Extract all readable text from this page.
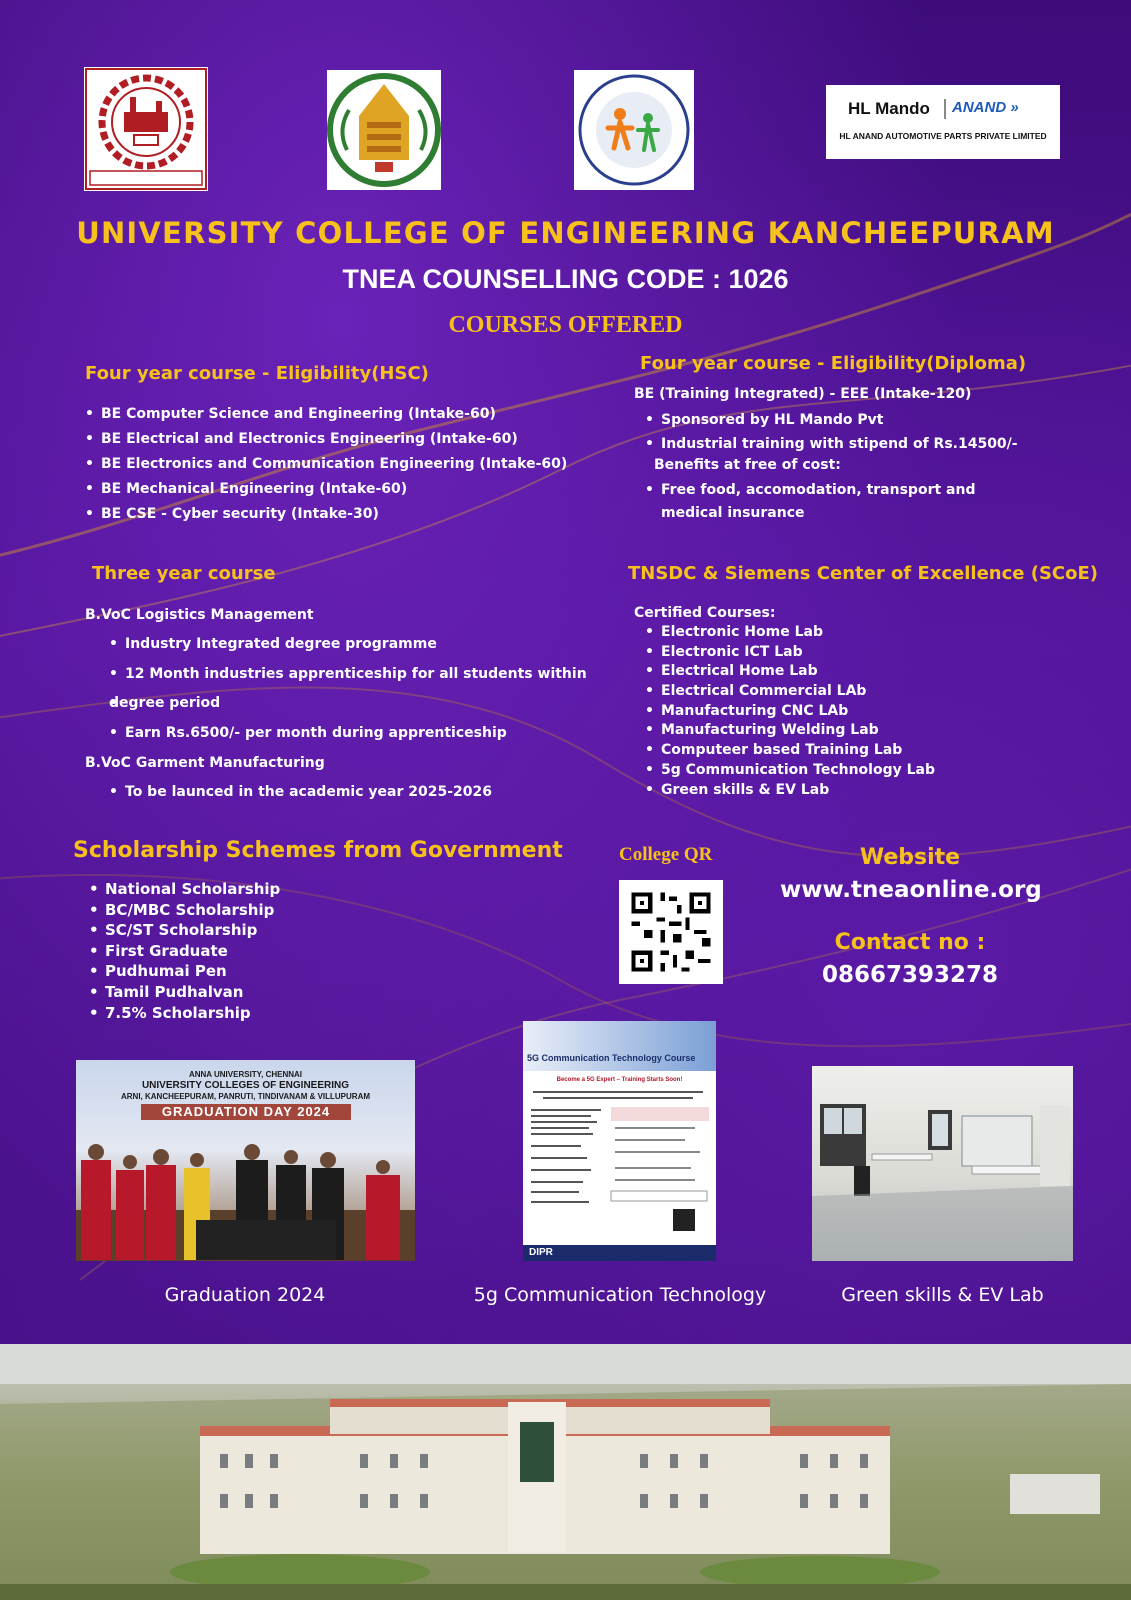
HL Mando ANAND »
HL ANAND AUTOMOTIVE PARTS PRIVATE LIMITED
UNIVERSITY COLLEGE OF ENGINEERING KANCHEEPURAM
TNEA COUNSELLING CODE : 1026
COURSES OFFERED
Four year course - Eligibility(HSC)
• BE Computer Science and Engineering (Intake-60)
• BE Electrical and Electronics Engineering (Intake-60)
• BE Electronics and Communication Engineering (Intake-60)
• BE Mechanical Engineering (Intake-60)
• BE CSE - Cyber security (Intake-30)
Four year course - Eligibility(Diploma)
BE (Training Integrated) - EEE (Intake-120)
• Sponsored by HL Mando Pvt
• Industrial training with stipend of Rs.14500/-
Benefits at free of cost:
• Free food, accomodation, transport and medical insurance
Three year course
B.VoC Logistics Management
• Industry Integrated degree programme
• 12 Month industries apprenticeship for all students within
• degree period
• Earn Rs.6500/- per month during apprenticeship
B.VoC Garment Manufacturing
• To be launced in the academic year 2025-2026
TNSDC & Siemens Center of Excellence (SCoE)
Certified Courses:
• Electronic Home Lab
• Electronic ICT Lab
• Electrical Home Lab
• Electrical Commercial LAb
• Manufacturing CNC LAb
• Manufacturing Welding Lab
• Computeer based Training Lab
• 5g Communication Technology Lab
• Green skills & EV Lab
Scholarship Schemes from Government
• National Scholarship
• BC/MBC Scholarship
• SC/ST Scholarship
• First Graduate
• Pudhumai Pen
• Tamil Pudhalvan
• 7.5% Scholarship
College QR	Website
www.tneaonline.org
Contact no :
08667393278
ANNA UNIVERSITY, CHENNAI
UNIVERSITY COLLEGES OF ENGINEERING
ARNI, KANCHEEPURAM, PANRUTI, TINDIVANAM & VILLUPURAM
GRADUATION DAY 2024
5G Communication Technology Course
Become a 5G Expert – Training Starts Soon!
DIPR
Graduation 2024	5g Communication Technology	Green skills & EV Lab
